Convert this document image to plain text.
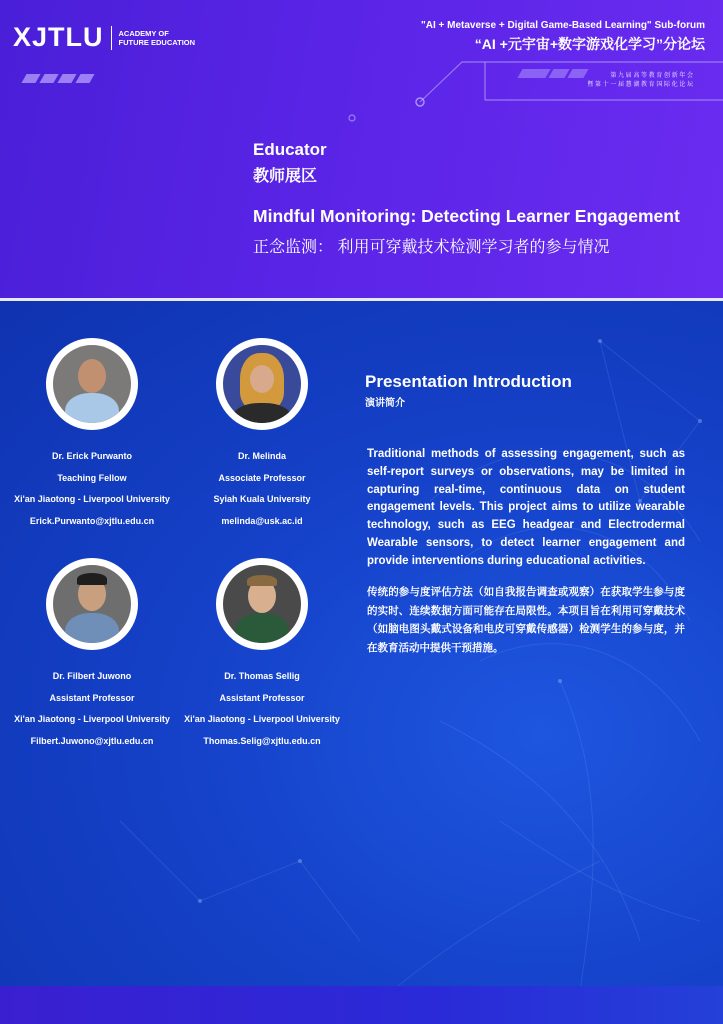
XJTLU ACADEMY OF
FUTURE EDUCATION
"AI + Metaverse + Digital Game-Based Learning" Sub-forum
“AI +元宇宙+数字游戏化学习”分论坛
第 九 届 高 等 教 育 创 新 年 会
暨 第 十 一 届 慧 湖 教 育 国 际 化 论 坛
Educator
教师展区
Mindful Monitoring: Detecting Learner Engagement
正念监测： 利用可穿戴技术检测学习者的参与情况
Dr. Erick Purwanto
Teaching Fellow
Xi'an Jiaotong - Liverpool University
Erick.Purwanto@xjtlu.edu.cn
Dr. Melinda
Associate Professor
Syiah Kuala University
melinda@usk.ac.id
Dr. Filbert Juwono
Assistant Professor
Xi'an Jiaotong - Liverpool University
Filbert.Juwono@xjtlu.edu.cn
Dr. Thomas Sellig
Assistant Professor
Xi'an Jiaotong - Liverpool University
Thomas.Selig@xjtlu.edu.cn
Presentation Introduction
演讲简介
Traditional methods of assessing engagement, such as self-report surveys or observations, may be limited in capturing real-time, continuous data on student engagement levels. This project aims to utilize wearable technology, such as EEG headgear and Electrodermal Wearable sensors, to detect learner engagement and provide interventions during educational activities.
传统的参与度评估方法（如自我报告调查或观察）在获取学生参与度的实时、连续数据方面可能存在局限性。本项目旨在利用可穿戴技术（如脑电图头戴式设备和电皮可穿戴传感器）检测学生的参与度，并在教育活动中提供干预措施。
